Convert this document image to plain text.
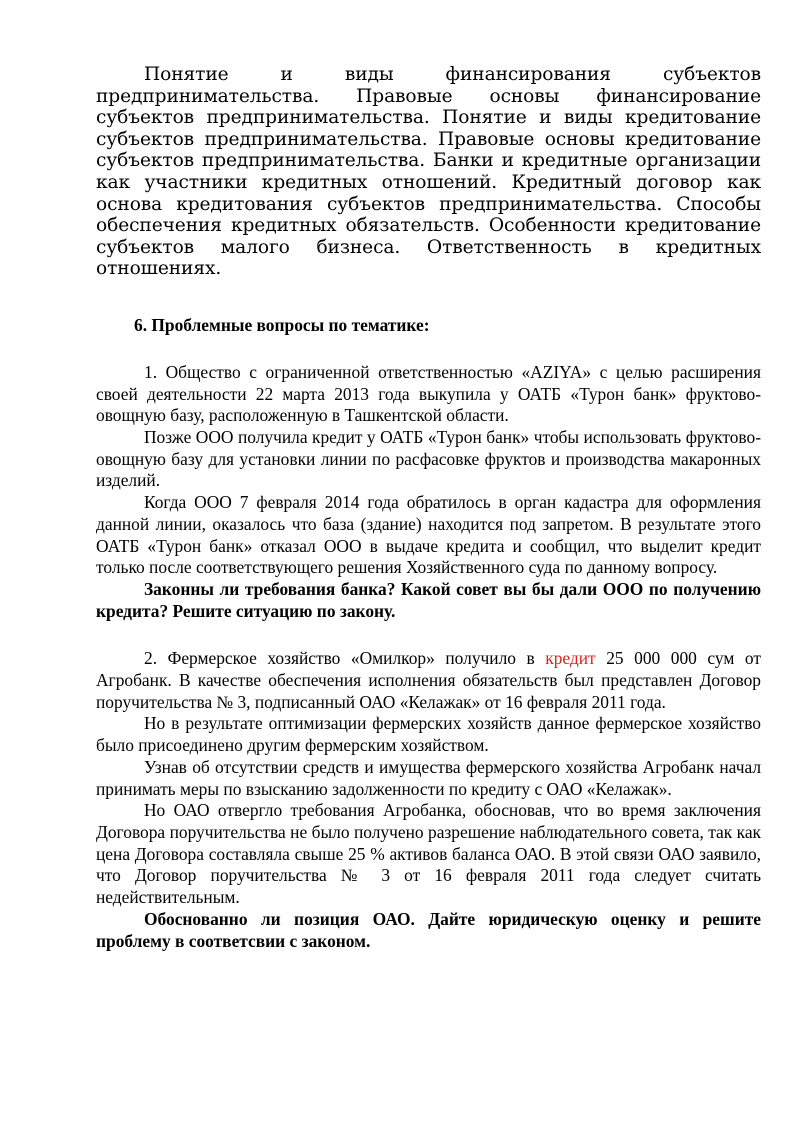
Понятие и виды финансирования субъектов предпринимательства. Правовые основы финансирование субъектов предпринимательства. Понятие и виды кредитование субъектов предпринимательства. Правовые основы кредитование субъектов предпринимательства. Банки и кредитные организации как участники кредитных отношений. Кредитный договор как основа кредитования субъектов предпринимательства. Способы обеспечения кредитных обязательств. Особенности кредитование субъектов малого бизнеса. Ответственность в кредитных отношениях.

6. Проблемные вопросы по тематике:

1. Общество с ограниченной ответственностью «AZIYA» с целью расширения своей деятельности 22 марта 2013 года выкупила у ОАТБ «Турон банк» фруктово-овощную базу, расположенную в Ташкентской области.

Позже ООО получила кредит у ОАТБ «Турон банк» чтобы использовать фруктово-овощную базу для установки линии по расфасовке фруктов и производства макаронных изделий.

Когда ООО 7 февраля 2014 года обратилось в орган кадастра для оформления данной линии, оказалось что база (здание) находится под запретом. В результате этого ОАТБ «Турон банк» отказал ООО в выдаче кредита и сообщил, что выделит кредит только после соответствующего решения Хозяйственного суда по данному вопросу.

Законны ли требования банка? Какой совет вы бы дали ООО по получению кредита? Решите ситуацию по закону.

2. Фермерское хозяйство «Омилкор» получило в кредит 25 000 000 сум от Агробанк. В качестве обеспечения исполнения обязательств был представлен Договор поручительства № 3, подписанный ОАО «Келажак» от 16 февраля 2011 года.

Но в результате оптимизации фермерских хозяйств данное фермерское хозяйство было присоединено другим фермерским хозяйством.

Узнав об отсутствии средств и имущества фермерского хозяйства Агробанк начал принимать меры по взысканию задолженности по кредиту с ОАО «Келажак».

Но ОАО отвергло требования Агробанка, обосновав, что во время заключения Договора поручительства не было получено разрешение наблюдательного совета, так как цена Договора составляла свыше 25 % активов баланса ОАО. В этой связи ОАО заявило, что Договор поручительства № 3 от 16 февраля 2011 года следует считать недействительным.

Обоснованно ли позиция ОАО. Дайте юридическую оценку и решите проблему в соответсвии с законом.
